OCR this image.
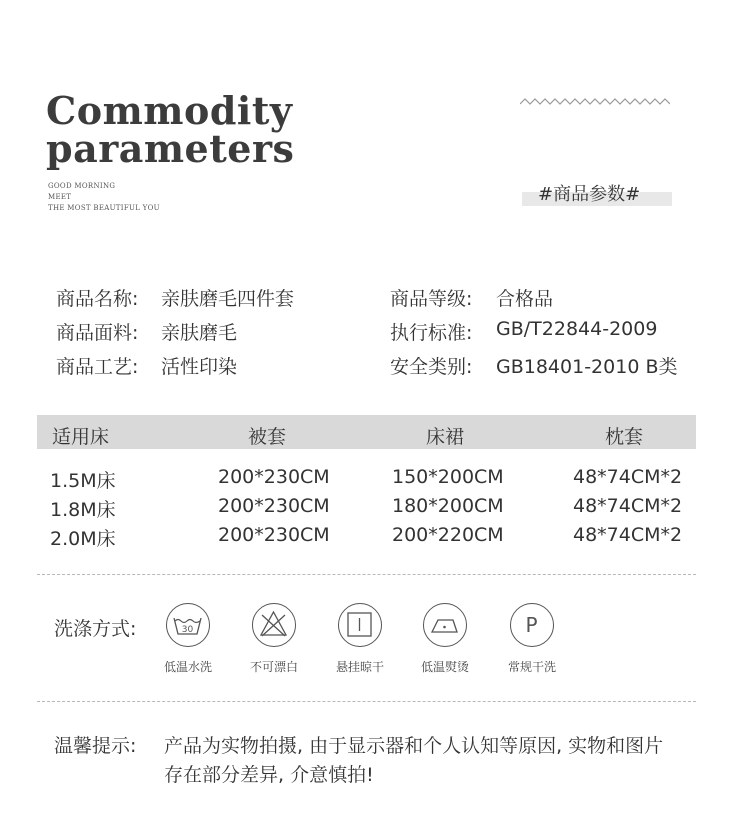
Commodity
parameters
GOOD MORNING
MEET
THE MOST BEAUTIFUL YOU
#商品参数#
商品名称: 亲肤磨毛四件套	商品等级: 合格品
商品面料: 亲肤磨毛	执行标准: GB/T22844-2009
商品工艺: 活性印染	安全类别: GB18401-2010 B类
适用床	被套	床裙	枕套
1.5M床	200*230CM	150*200CM	48*74CM*2
1.8M床	200*230CM	180*200CM	48*74CM*2
2.0M床	200*230CM	200*220CM	48*74CM*2
洗涤方式:	30
低温水洗	不可漂白	悬挂晾干	低温熨烫
P
常规干洗
温馨提示: 产品为实物拍摄, 由于显示器和个人认知等原因, 实物和图片
存在部分差异, 介意慎拍!
